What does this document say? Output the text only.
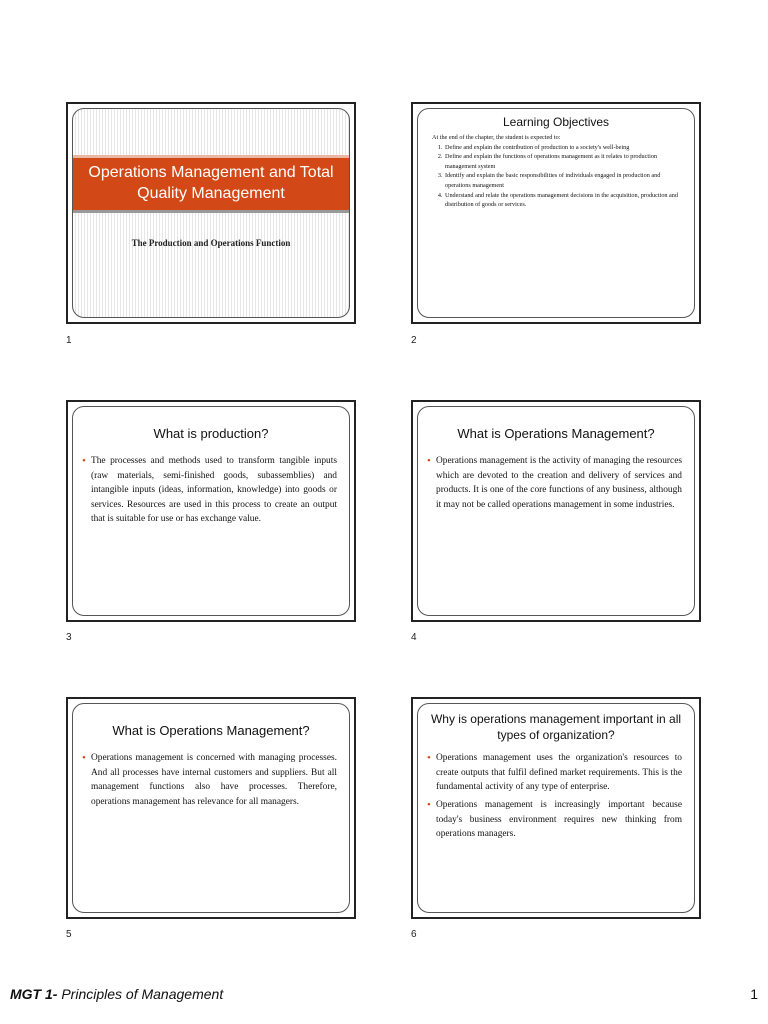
Operations Management and Total Quality Management
The Production and Operations Function
1
Learning Objectives
At the end of the chapter, the student is expected to:
1. Define and explain the contribution of production to a society's well-being
2. Define and explain the functions of operations management as it relates to production management system
3. Identify and explain the basic responsibilities of individuals engaged in production and operations management
4. Understand and relate the operations management decisions in the acquisition, production and distribution of goods or services.
2
What is production?
• The processes and methods used to transform tangible inputs (raw materials, semi-finished goods, subassemblies) and intangible inputs (ideas, information, knowledge) into goods or services. Resources are used in this process to create an output that is suitable for use or has exchange value.
3
What is Operations Management?
• Operations management is the activity of managing the resources which are devoted to the creation and delivery of services and products. It is one of the core functions of any business, although it may not be called operations management in some industries.
4
What is Operations Management?
• Operations management is concerned with managing processes. And all processes have internal customers and suppliers. But all management functions also have processes. Therefore, operations management has relevance for all managers.
5
Why is operations management important in all types of organization?
• Operations management uses the organization's resources to create outputs that fulfil defined market requirements. This is the fundamental activity of any type of enterprise.
• Operations management is increasingly important because today's business environment requires new thinking from operations managers.
6
MGT 1- Principles of Management	1
